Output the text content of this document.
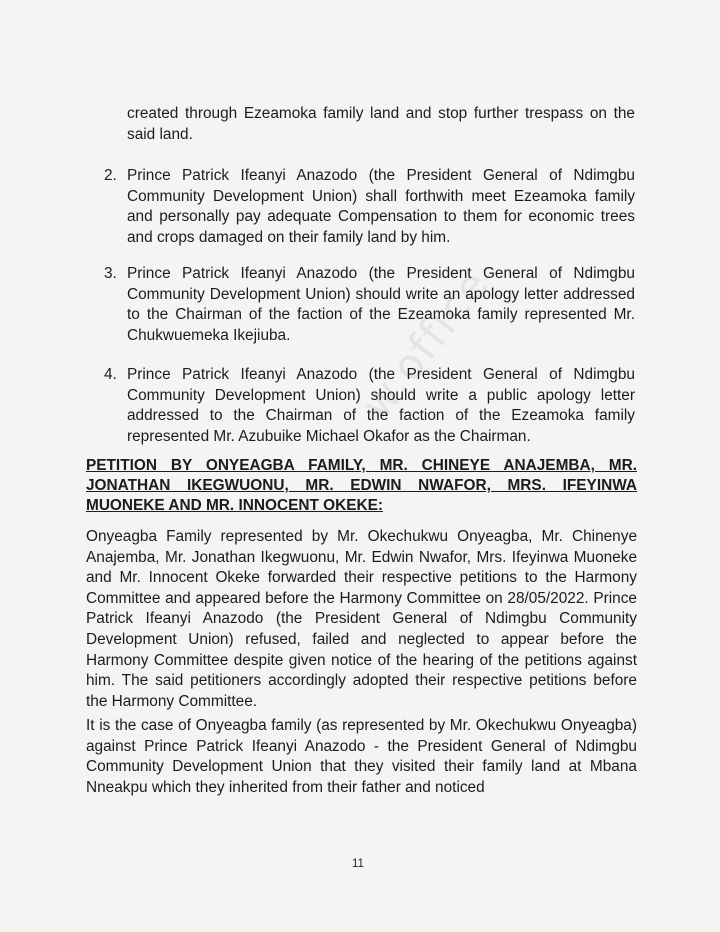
w.office

created through Ezeamoka family land and stop further trespass on the said land.

2. Prince Patrick Ifeanyi Anazodo (the President General of Ndimgbu Community Development Union) shall forthwith meet Ezeamoka family and personally pay adequate Compensation to them for economic trees and crops damaged on their family land by him.

3. Prince Patrick Ifeanyi Anazodo (the President General of Ndimgbu Community Development Union) should write an apology letter addressed to the Chairman of the faction of the Ezeamoka family represented Mr. Chukwuemeka Ikejiuba.

4. Prince Patrick Ifeanyi Anazodo (the President General of Ndimgbu Community Development Union) should write a public apology letter addressed to the Chairman of the faction of the Ezeamoka family represented Mr. Azubuike Michael Okafor as the Chairman.

PETITION BY ONYEAGBA FAMILY, MR. CHINEYE ANAJEMBA, MR. JONATHAN IKEGWUONU, MR. EDWIN NWAFOR, MRS. IFEYINWA MUONEKE AND MR. INNOCENT OKEKE:

Onyeagba Family represented by Mr. Okechukwu Onyeagba, Mr. Chinenye Anajemba, Mr. Jonathan Ikegwuonu, Mr. Edwin Nwafor, Mrs. Ifeyinwa Muoneke and Mr. Innocent Okeke forwarded their respective petitions to the Harmony Committee and appeared before the Harmony Committee on 28/05/2022. Prince Patrick Ifeanyi Anazodo (the President General of Ndimgbu Community Development Union) refused, failed and neglected to appear before the Harmony Committee despite given notice of the hearing of the petitions against him. The said petitioners accordingly adopted their respective petitions before the Harmony Committee.

It is the case of Onyeagba family (as represented by Mr. Okechukwu Onyeagba) against Prince Patrick Ifeanyi Anazodo - the President General of Ndimgbu Community Development Union that they visited their family land at Mbana Nneakpu which they inherited from their father and noticed

11
